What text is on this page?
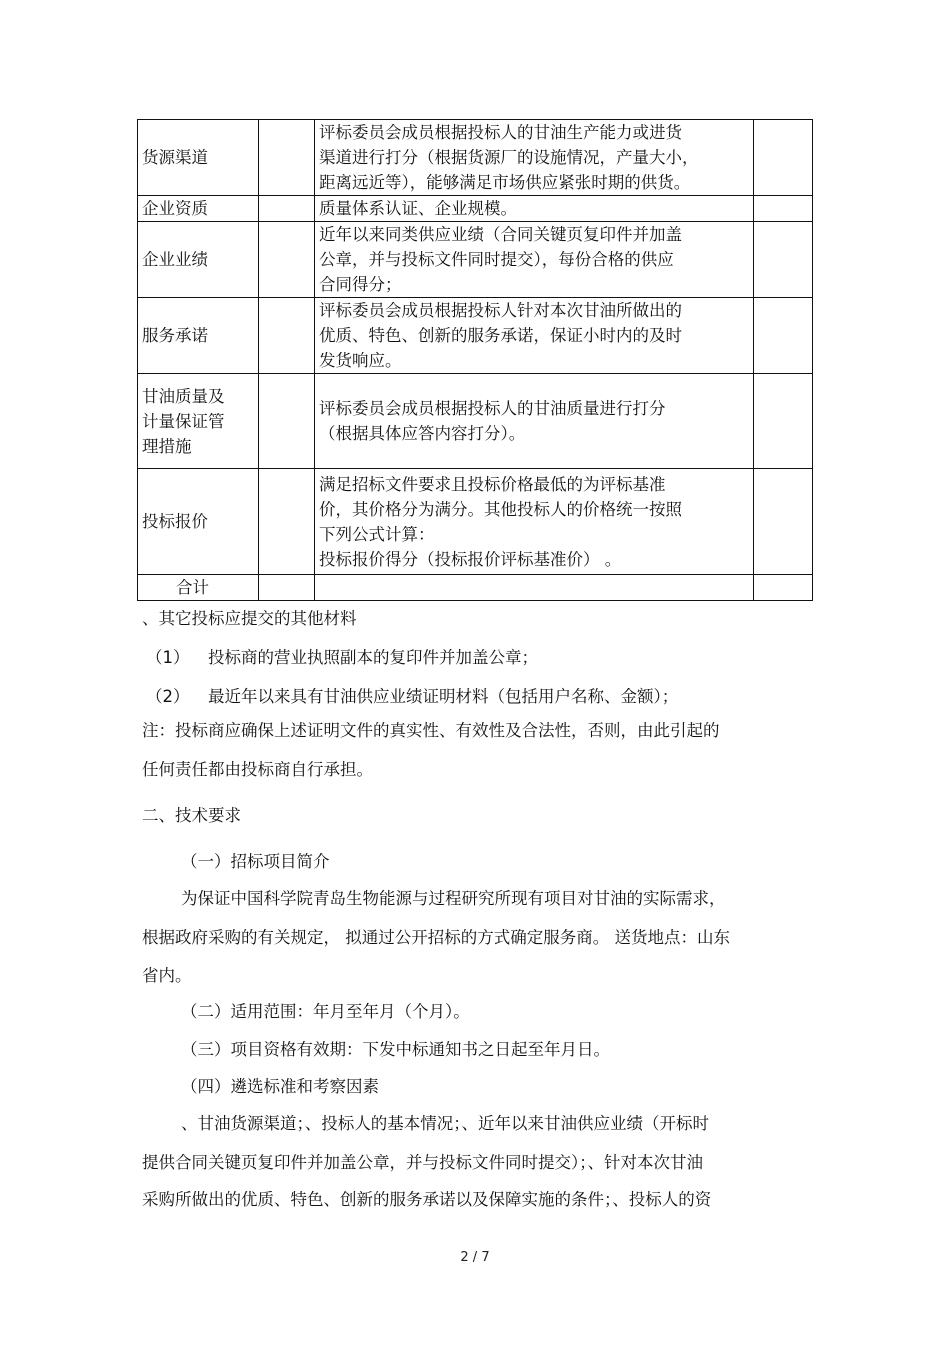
货源渠道		评标委员会成员根据投标人的甘油生产能力或进货
渠道进行打分（根据货源厂的设施情况，产量大小，
距离远近等），能够满足市场供应紧张时期的供货。	

企业资质		质量体系认证、企业规模。	

企业业绩		近年以来同类供应业绩（合同关键页复印件并加盖
公章，并与投标文件同时提交），每份合格的供应
合同得分；	

服务承诺		评标委员会成员根据投标人针对本次甘油所做出的
优质、特色、创新的服务承诺，保证小时内的及时
发货响应。	

甘油质量及
计量保证管
理措施		评标委员会成员根据投标人的甘油质量进行打分
（根据具体应答内容打分）。	

投标报价		满足招标文件要求且投标价格最低的为评标基准
价，其价格分为满分。其他投标人的价格统一按照
下列公式计算：
投标报价得分（投标报价评标基准价） 。	

合计			
、其它投标应提交的其他材料
（1） 投标商的营业执照副本的复印件并加盖公章；
（2） 最近年以来具有甘油供应业绩证明材料（包括用户名称、金额）；
注：投标商应确保上述证明文件的真实性、有效性及合法性，否则，由此引起的
任何责任都由投标商自行承担。
二、技术要求
（一）招标项目简介
为保证中国科学院青岛生物能源与过程研究所现有项目对甘油的实际需求，
根据政府采购的有关规定， 拟通过公开招标的方式确定服务商。 送货地点：山东
省内。
（二）适用范围：年月至年月（个月）。
（三）项目资格有效期：下发中标通知书之日起至年月日。
（四）遴选标准和考察因素
、甘油货源渠道；、投标人的基本情况；、近年以来甘油供应业绩（开标时
提供合同关键页复印件并加盖公章，并与投标文件同时提交）；、针对本次甘油
采购所做出的优质、特色、创新的服务承诺以及保障实施的条件；、投标人的资
2 / 7
